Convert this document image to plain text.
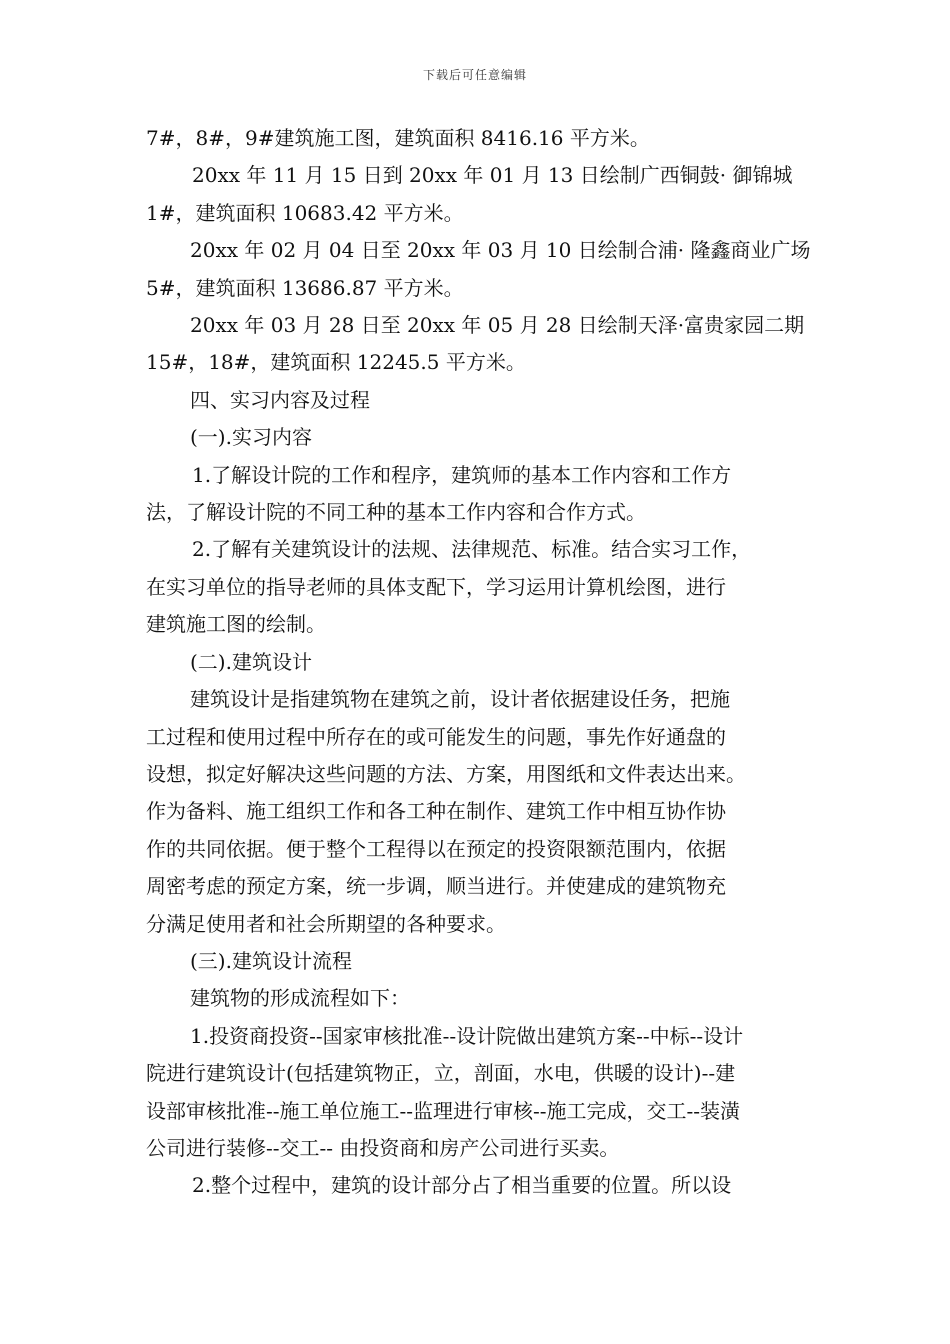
下载后可任意编辑

7#，8#，9#建筑施工图，建筑面积 8416.16 平方米。

20xx 年 11 月 15 日到 20xx 年 01 月 13 日绘制广西铜鼓· 御锦城

1#，建筑面积 10683.42 平方米。

20xx 年 02 月 04 日至 20xx 年 03 月 10 日绘制合浦· 隆鑫商业广场

5#，建筑面积 13686.87 平方米。

20xx 年 03 月 28 日至 20xx 年 05 月 28 日绘制天泽·富贵家园二期

15#，18#，建筑面积 12245.5 平方米。

四、实习内容及过程

(一).实习内容

1.了解设计院的工作和程序，建筑师的基本工作内容和工作方

法，了解设计院的不同工种的基本工作内容和合作方式。

2.了解有关建筑设计的法规、法律规范、标准。结合实习工作，

在实习单位的指导老师的具体支配下，学习运用计算机绘图，进行

建筑施工图的绘制。

(二).建筑设计

建筑设计是指建筑物在建筑之前，设计者依据建设任务，把施

工过程和使用过程中所存在的或可能发生的问题，事先作好通盘的

设想，拟定好解决这些问题的方法、方案，用图纸和文件表达出来。

作为备料、施工组织工作和各工种在制作、建筑工作中相互协作协

作的共同依据。便于整个工程得以在预定的投资限额范围内，依据

周密考虑的预定方案，统一步调，顺当进行。并使建成的建筑物充

分满足使用者和社会所期望的各种要求。

(三).建筑设计流程

建筑物的形成流程如下：

1.投资商投资--国家审核批准--设计院做出建筑方案--中标--设计

院进行建筑设计(包括建筑物正，立，剖面，水电，供暖的设计)--建

设部审核批准--施工单位施工--监理进行审核--施工完成，交工--装潢

公司进行装修--交工-- 由投资商和房产公司进行买卖。

2.整个过程中，建筑的设计部分占了相当重要的位置。所以设
